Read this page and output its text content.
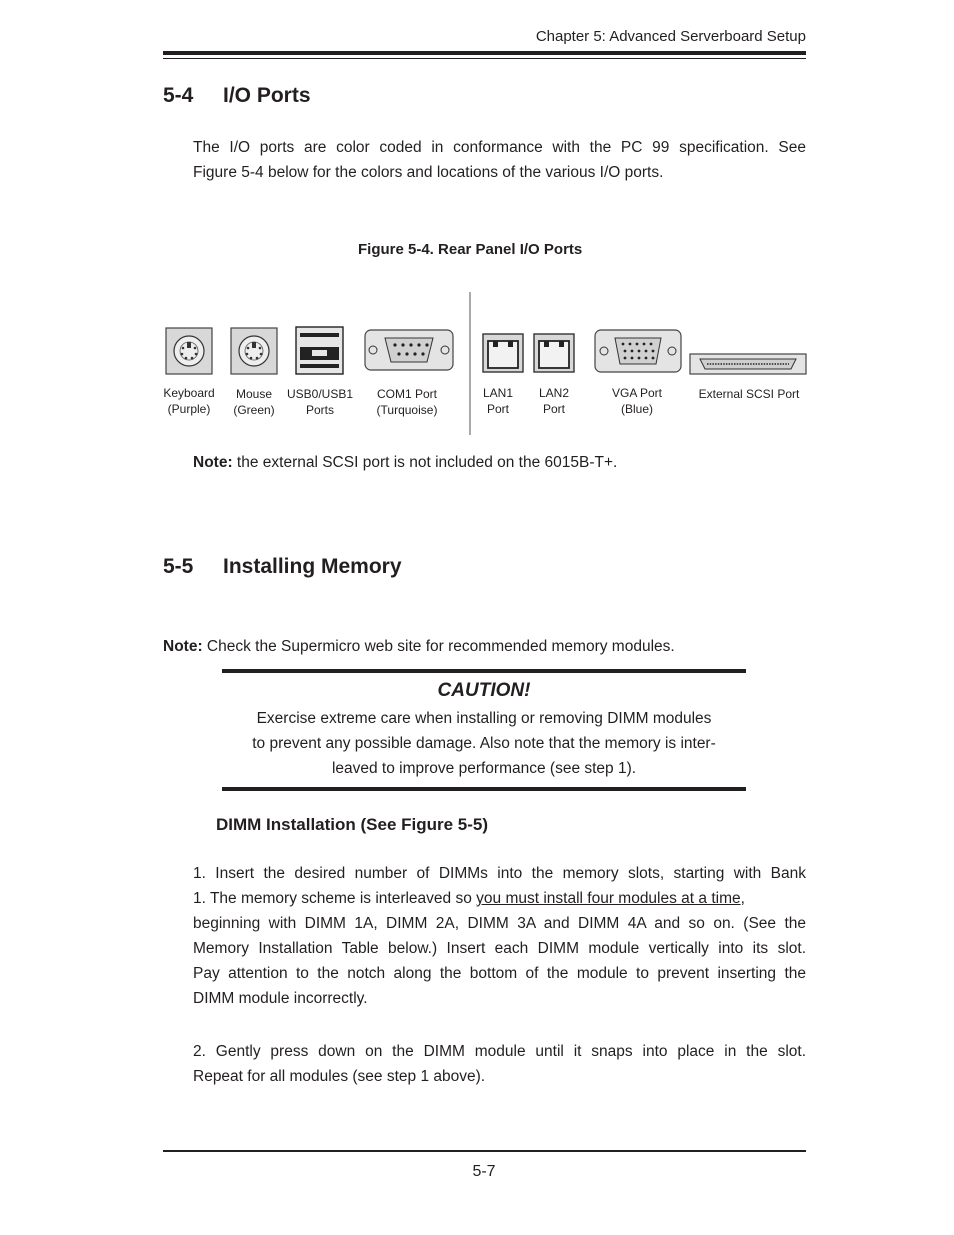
Chapter 5: Advanced Serverboard Setup
5-4 I/O Ports
The I/O ports are color coded in conformance with the PC 99 specification. See
Figure 5-4 below for the colors and locations of the various I/O ports.
Figure 5-4. Rear Panel I/O Ports
Keyboard
(Purple)
Mouse
(Green)
USB0/USB1
Ports
COM1 Port
(Turquoise)
LAN1
Port
LAN2
Port
VGA Port
(Blue)
External SCSI Port
Note: the external SCSI port is not included on the 6015B-T+.
5-5 Installing Memory
Note: Check the Supermicro web site for recommended memory modules.
CAUTION!
Exercise extreme care when installing or removing DIMM modules
to prevent any possible damage. Also note that the memory is inter-
leaved to improve performance (see step 1).
DIMM Installation (See Figure 5-5)
1. Insert the desired number of DIMMs into the memory slots, starting with Bank
1. The memory scheme is interleaved so you must install four modules at a time,
beginning with DIMM 1A, DIMM 2A, DIMM 3A and DIMM 4A and so on. (See the
Memory Installation Table below.) Insert each DIMM module vertically into its slot.
Pay attention to the notch along the bottom of the module to prevent inserting the
DIMM module incorrectly.
2. Gently press down on the DIMM module until it snaps into place in the slot.
Repeat for all modules (see step 1 above).
5-7
